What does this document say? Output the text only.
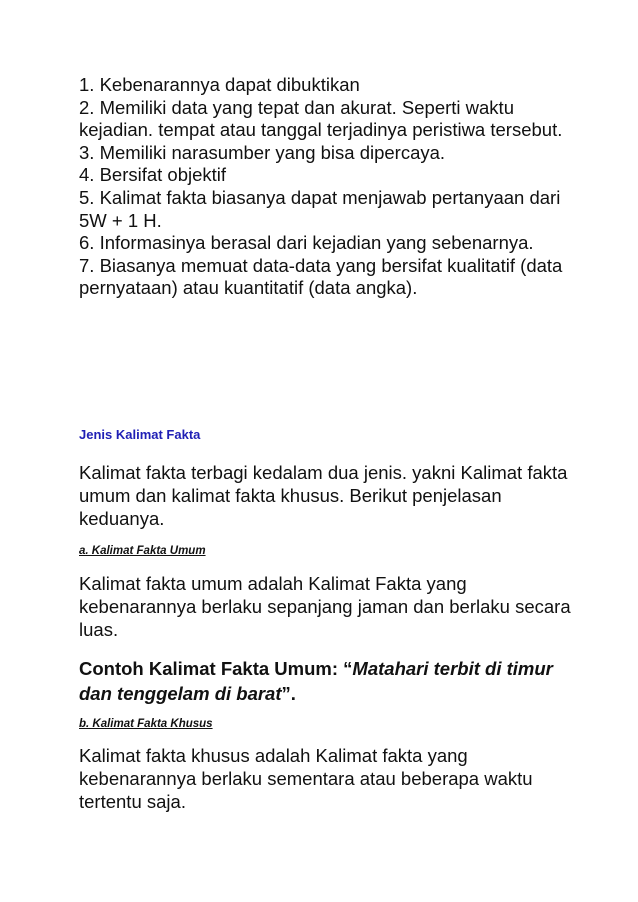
1. Kebenarannya dapat dibuktikan
2. Memiliki data yang tepat dan akurat. Seperti waktu kejadian. tempat atau tanggal terjadinya peristiwa tersebut.
3. Memiliki narasumber yang bisa dipercaya.
4. Bersifat objektif
5. Kalimat fakta biasanya dapat menjawab pertanyaan dari 5W + 1 H.
6. Informasinya berasal dari kejadian yang sebenarnya.
7. Biasanya memuat data-data yang bersifat kualitatif (data pernyataan) atau kuantitatif (data angka).
Jenis Kalimat Fakta

Kalimat fakta terbagi kedalam dua jenis. yakni Kalimat fakta umum dan kalimat fakta khusus. Berikut penjelasan keduanya.

a. Kalimat Fakta Umum

Kalimat fakta umum adalah Kalimat Fakta yang kebenarannya berlaku sepanjang jaman dan berlaku secara luas.

Contoh Kalimat Fakta Umum: “Matahari terbit di timur dan tenggelam di barat”.

b. Kalimat Fakta Khusus

Kalimat fakta khusus adalah Kalimat fakta yang kebenarannya berlaku sementara atau beberapa waktu tertentu saja.
